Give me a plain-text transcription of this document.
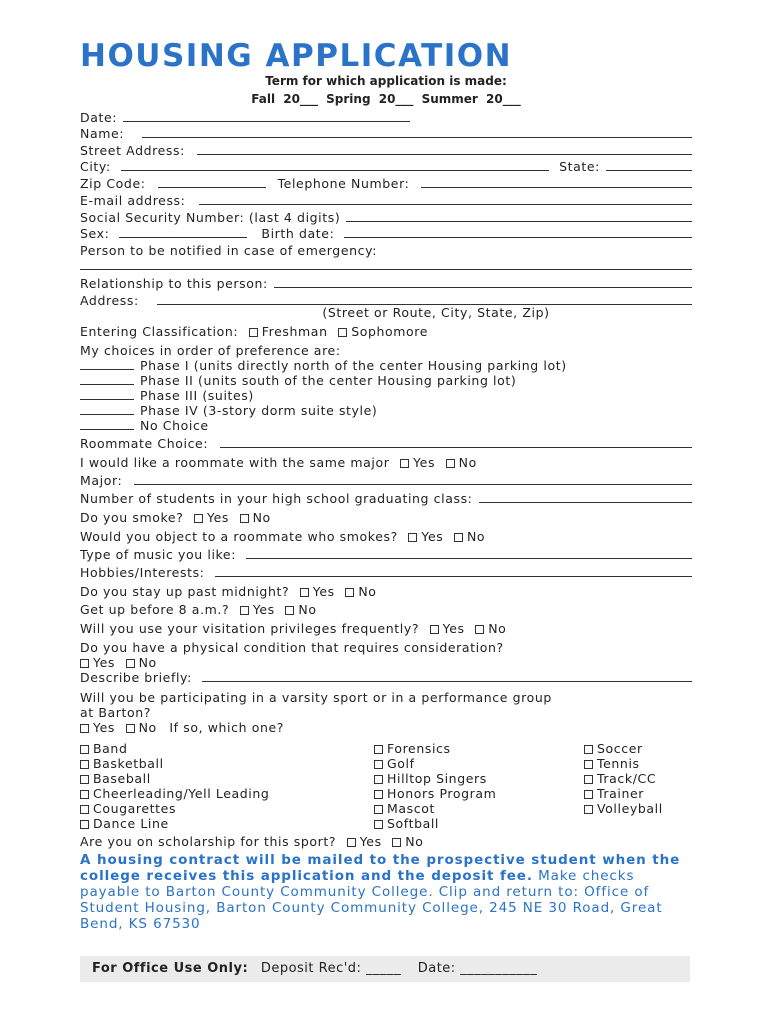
HOUSING APPLICATION
Term for which application is made:
Fall 20___ Spring 20___ Summer 20___
Date:
Name:
Street Address:
City:	State:
Zip Code:	Telephone Number:
E-mail address:
Social Security Number: (last 4 digits)
Sex:	Birth date:
Person to be notified in case of emergency:
Relationship to this person:
Address:
(Street or Route, City, State, Zip)
Entering Classification: Freshman Sophomore
My choices in order of preference are:
Phase I (units directly north of the center Housing parking lot)
Phase II (units south of the center Housing parking lot)
Phase III (suites)
Phase IV (3-story dorm suite style)
No Choice
Roommate Choice:
I would like a roommate with the same major Yes No
Major:
Number of students in your high school graduating class:
Do you smoke? Yes No
Would you object to a roommate who smokes? Yes No
Type of music you like:
Hobbies/Interests:
Do you stay up past midnight? Yes No
Get up before 8 a.m.? Yes No
Will you use your visitation privileges frequently? Yes No
Do you have a physical condition that requires consideration?
Yes No
Describe briefly:
Will you be participating in a varsity sport or in a performance group
at Barton?
Yes No If so, which one?
Band
Basketball
Baseball
Cheerleading/Yell Leading
Cougarettes
Dance Line
Forensics
Golf
Hilltop Singers
Honors Program
Mascot
Softball
Soccer
Tennis
Track/CC
Trainer
Volleyball
Are you on scholarship for this sport? Yes No
A housing contract will be mailed to the prospective student when the college receives this application and the deposit fee. Make checks payable to Barton County Community College. Clip and return to: Office of Student Housing, Barton County Community College, 245 NE 30 Road, Great Bend, KS 67530
For Office Use Only: Deposit Rec'd: _____ Date: ___________
